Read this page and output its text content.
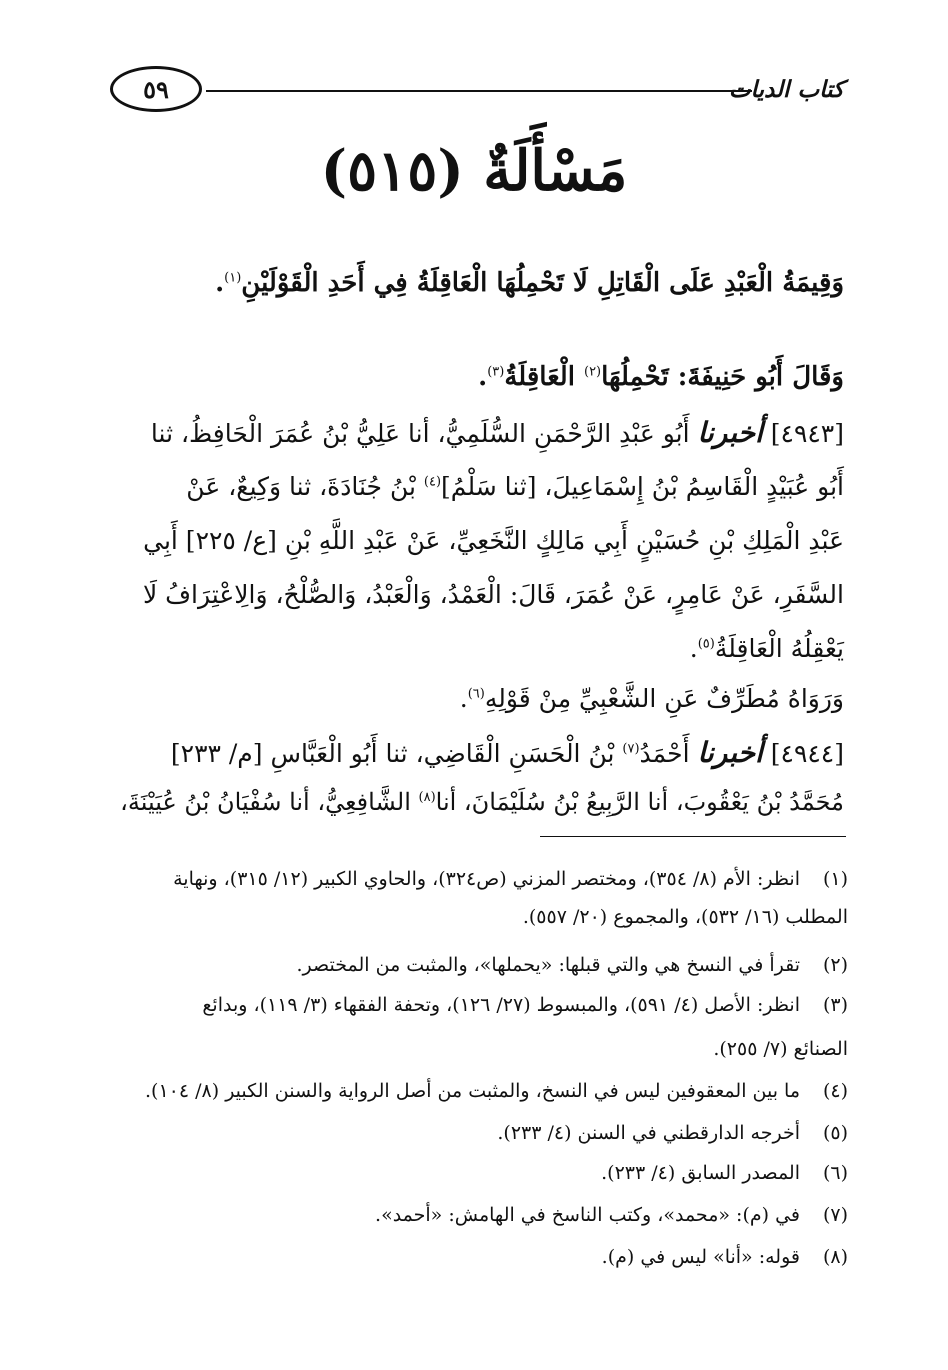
٥٩	كتاب الديات
مَسْأَلَةٌ (٥١٥)
وَقِيمَةُ الْعَبْدِ عَلَى الْقَاتِلِ لَا تَحْمِلُهَا الْعَاقِلَةُ فِي أَحَدِ الْقَوْلَيْنِ$^{(١)}$.
وَقَالَ أَبُو حَنِيفَةَ: تَحْمِلُهَا$^{(٢)}$ الْعَاقِلَةُ$^{(٣)}$.
[٤٩٤٣] أخبرنا أَبُو عَبْدِ الرَّحْمَنِ السُّلَمِيُّ، أنا عَلِيُّ بْنُ عُمَرَ الْحَافِظُ، ثنا
أَبُو عُبَيْدٍ الْقَاسِمُ بْنُ إِسْمَاعِيلَ، [ثنا سَلْمُ]$^{(٤)}$ بْنُ جُنَادَةَ، ثنا وَكِيعٌ، عَنْ
عَبْدِ الْمَلِكِ بْنِ حُسَيْنٍ أَبِي مَالِكٍ النَّخَعِيِّ، عَنْ عَبْدِ اللَّهِ بْنِ [ع/ ٢٢٥] أَبِي
السَّفَرِ، عَنْ عَامِرٍ، عَنْ عُمَرَ، قَالَ: الْعَمْدُ، وَالْعَبْدُ، وَالصُّلْحُ، وَالِاعْتِرَافُ لَا
يَعْقِلُهُ الْعَاقِلَةُ$^{(٥)}$.
وَرَوَاهُ مُطَرِّفٌ عَنِ الشَّعْبِيِّ مِنْ قَوْلِهِ$^{(٦)}$.
[٤٩٤٤] أخبرنا أَحْمَدُ$^{(٧)}$ بْنُ الْحَسَنِ الْقَاضِي، ثنا أَبُو الْعَبَّاسِ [م/ ٢٣٣]
مُحَمَّدُ بْنُ يَعْقُوبَ، أنا الرَّبِيعُ بْنُ سُلَيْمَانَ، أنا$^{(٨)}$ الشَّافِعِيُّ، أنا سُفْيَانُ بْنُ عُيَيْنَةَ،
(١)انظر: الأم (٨/ ٣٥٤)، ومختصر المزني (ص٣٢٤)، والحاوي الكبير (١٢/ ٣١٥)، ونهاية
المطلب (١٦/ ٥٣٢)، والمجموع (٢٠/ ٥٥٧).
(٢)تقرأ في النسخ هي والتي قبلها: «يحملها»، والمثبت من المختصر.
(٣)انظر: الأصل (٤/ ٥٩١)، والمبسوط (٢٧/ ١٢٦)، وتحفة الفقهاء (٣/ ١١٩)، وبدائع
الصنائع (٧/ ٢٥٥).
(٤)ما بين المعقوفين ليس في النسخ، والمثبت من أصل الرواية والسنن الكبير (٨/ ١٠٤).
(٥)أخرجه الدارقطني في السنن (٤/ ٢٣٣).
(٦)المصدر السابق (٤/ ٢٣٣).
(٧)في (م): «محمد»، وكتب الناسخ في الهامش: «أحمد».
(٨)قوله: «أنا» ليس في (م).
